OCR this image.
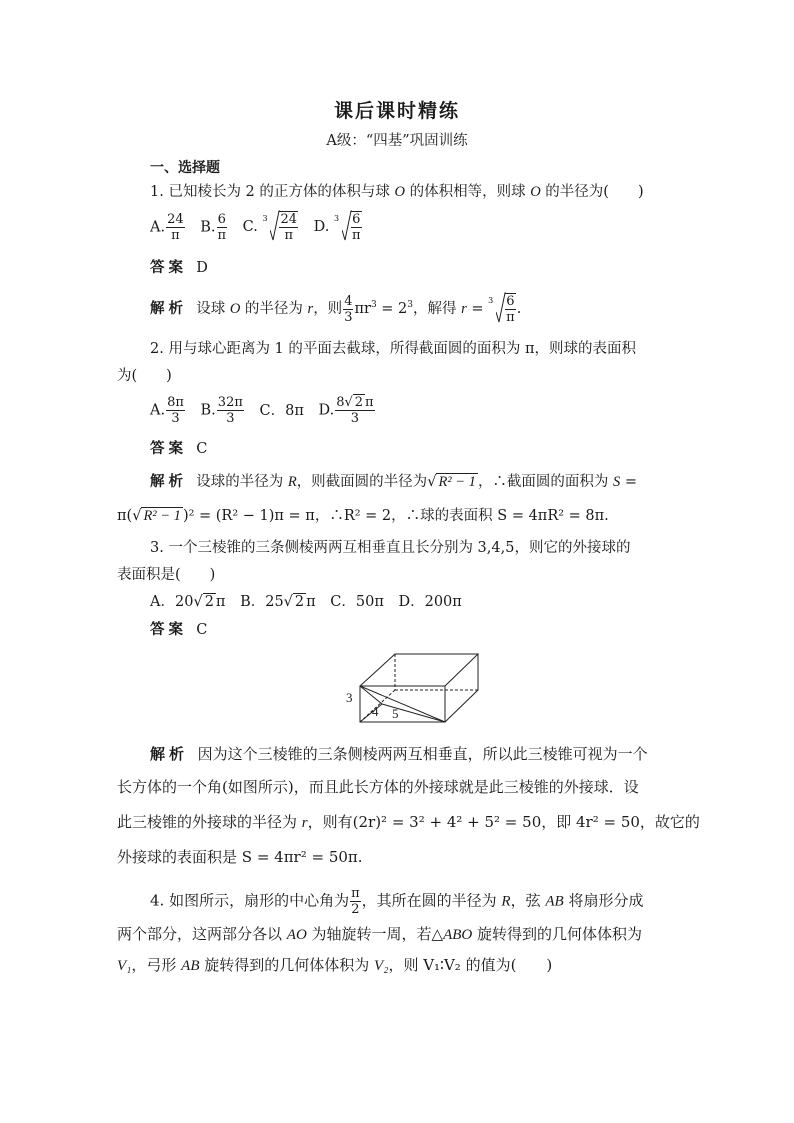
课后课时精练
A级：“四基”巩固训练
一、选择题
1. 已知棱长为 2 的正方体的体积与球 O 的体积相等，则球 O 的半径为(　　)
A. $\frac{24}{\pi} B$. $\frac{6}{\pi} C$.
$3 \frac{24}{\pi} D$.
$3 \frac{6}{\pi}$
答案 D
解析 设球 O 的半径为 r，则 $\frac{4}{3} \pi r^3 = 2^3$，解得 r =
$3 \frac{6}{\pi}$ .
2. 用与球心距离为 1 的平面去截球，所得截面圆的面积为 π，则球的表面积
为(　　)
A. $\frac{8\pi}{3} B$. $\frac{32\pi}{3}$ C．8π D. $\frac{8√ 2 \pi}{3}$
答案 C
解析 设球的半径为 R，则截面圆的半径为√ R² − 1 ，∴截面圆的面积为 S =
π(√ R² − 1 )² = (R² − 1)π = π，∴R² = 2，∴球的表面积 S = 4πR² = 8π.
3. 一个三棱锥的三条侧棱两两互相垂直且长分别为 3,4,5，则它的外接球的
表面积是(　　)
A．20√ 2 π B．25√ 2 π C．50π D．200π
答案 C
3
4 5
解析 因为这个三棱锥的三条侧棱两两互相垂直，所以此三棱锥可视为一个
长方体的一个角(如图所示)，而且此长方体的外接球就是此三棱锥的外接球．设
此三棱锥的外接球的半径为 r，则有(2r)² = 3² + 4² + 5² = 50，即 4r² = 50，故它的
外接球的表面积是 S = 4πr² = 50π.
4. 如图所示，扇形的中心角为 $\frac{\pi}{2}$ ，其所在圆的半径为 R，弦 AB 将扇形分成
两个部分，这两部分各以 AO 为轴旋转一周，若△ABO 旋转得到的几何体体积为
V₁，弓形 AB 旋转得到的几何体体积为 V₂，则 V₁∶V₂ 的值为(　　)
